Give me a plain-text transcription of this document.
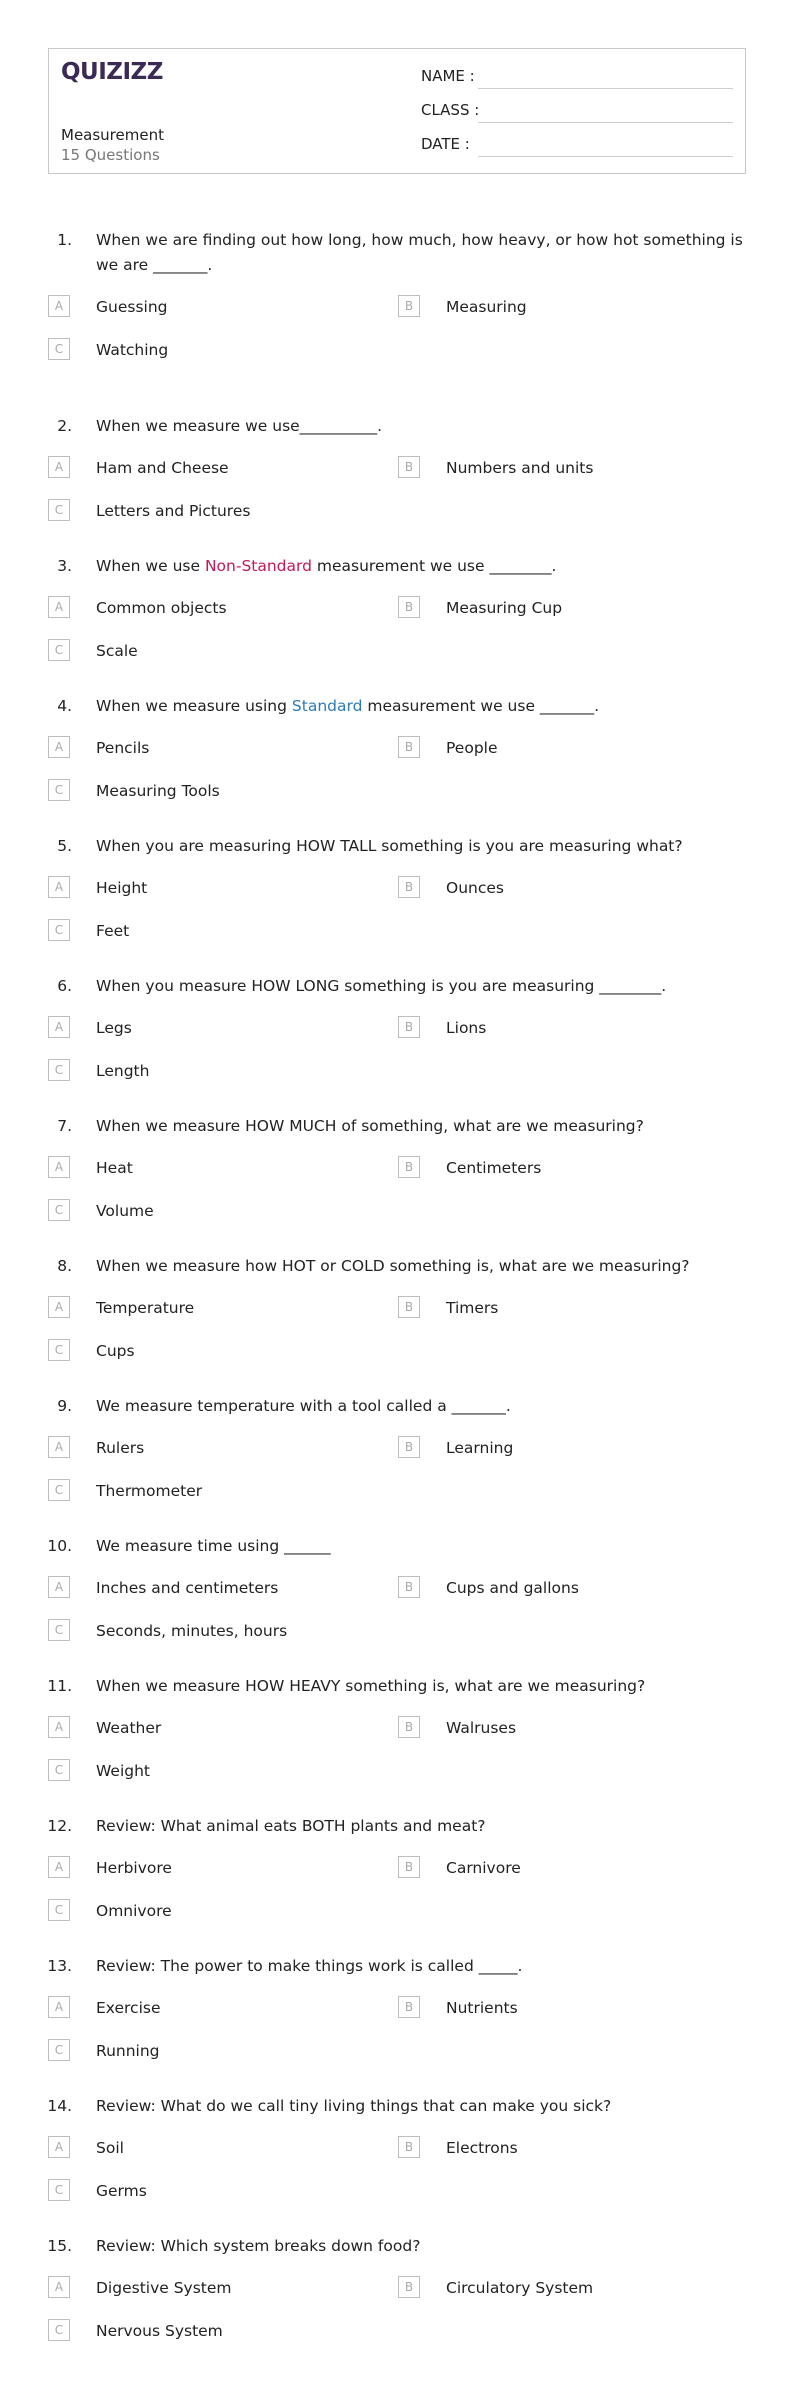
QUIZIZZ
Measurement
15 Questions
NAME :
CLASS :
DATE :
1. When we are finding out how long, how much, how heavy, or how hot something is we are _______.
A	Guessing	B	Measuring
C	Watching
2. When we measure we use__________.
A	Ham and Cheese	B	Numbers and units
C	Letters and Pictures
3. When we use Non-Standard measurement we use ________.
A	Common objects	B	Measuring Cup
C	Scale
4. When we measure using Standard measurement we use _______.
A	Pencils	B	People
C	Measuring Tools
5. When you are measuring HOW TALL something is you are measuring what?
A	Height	B	Ounces
C	Feet
6. When you measure HOW LONG something is you are measuring ________.
A	Legs	B	Lions
C	Length
7. When we measure HOW MUCH of something, what are we measuring?
A	Heat	B	Centimeters
C	Volume
8. When we measure how HOT or COLD something is, what are we measuring?
A	Temperature	B	Timers
C	Cups
9. We measure temperature with a tool called a _______.
A	Rulers	B	Learning
C	Thermometer
10. We measure time using ______
A	Inches and centimeters	B	Cups and gallons
C	Seconds, minutes, hours
11. When we measure HOW HEAVY something is, what are we measuring?
A	Weather	B	Walruses
C	Weight
12. Review: What animal eats BOTH plants and meat?
A	Herbivore	B	Carnivore
C	Omnivore
13. Review: The power to make things work is called _____.
A	Exercise	B	Nutrients
C	Running
14. Review: What do we call tiny living things that can make you sick?
A	Soil	B	Electrons
C	Germs
15. Review: Which system breaks down food?
A	Digestive System	B	Circulatory System
C	Nervous System
